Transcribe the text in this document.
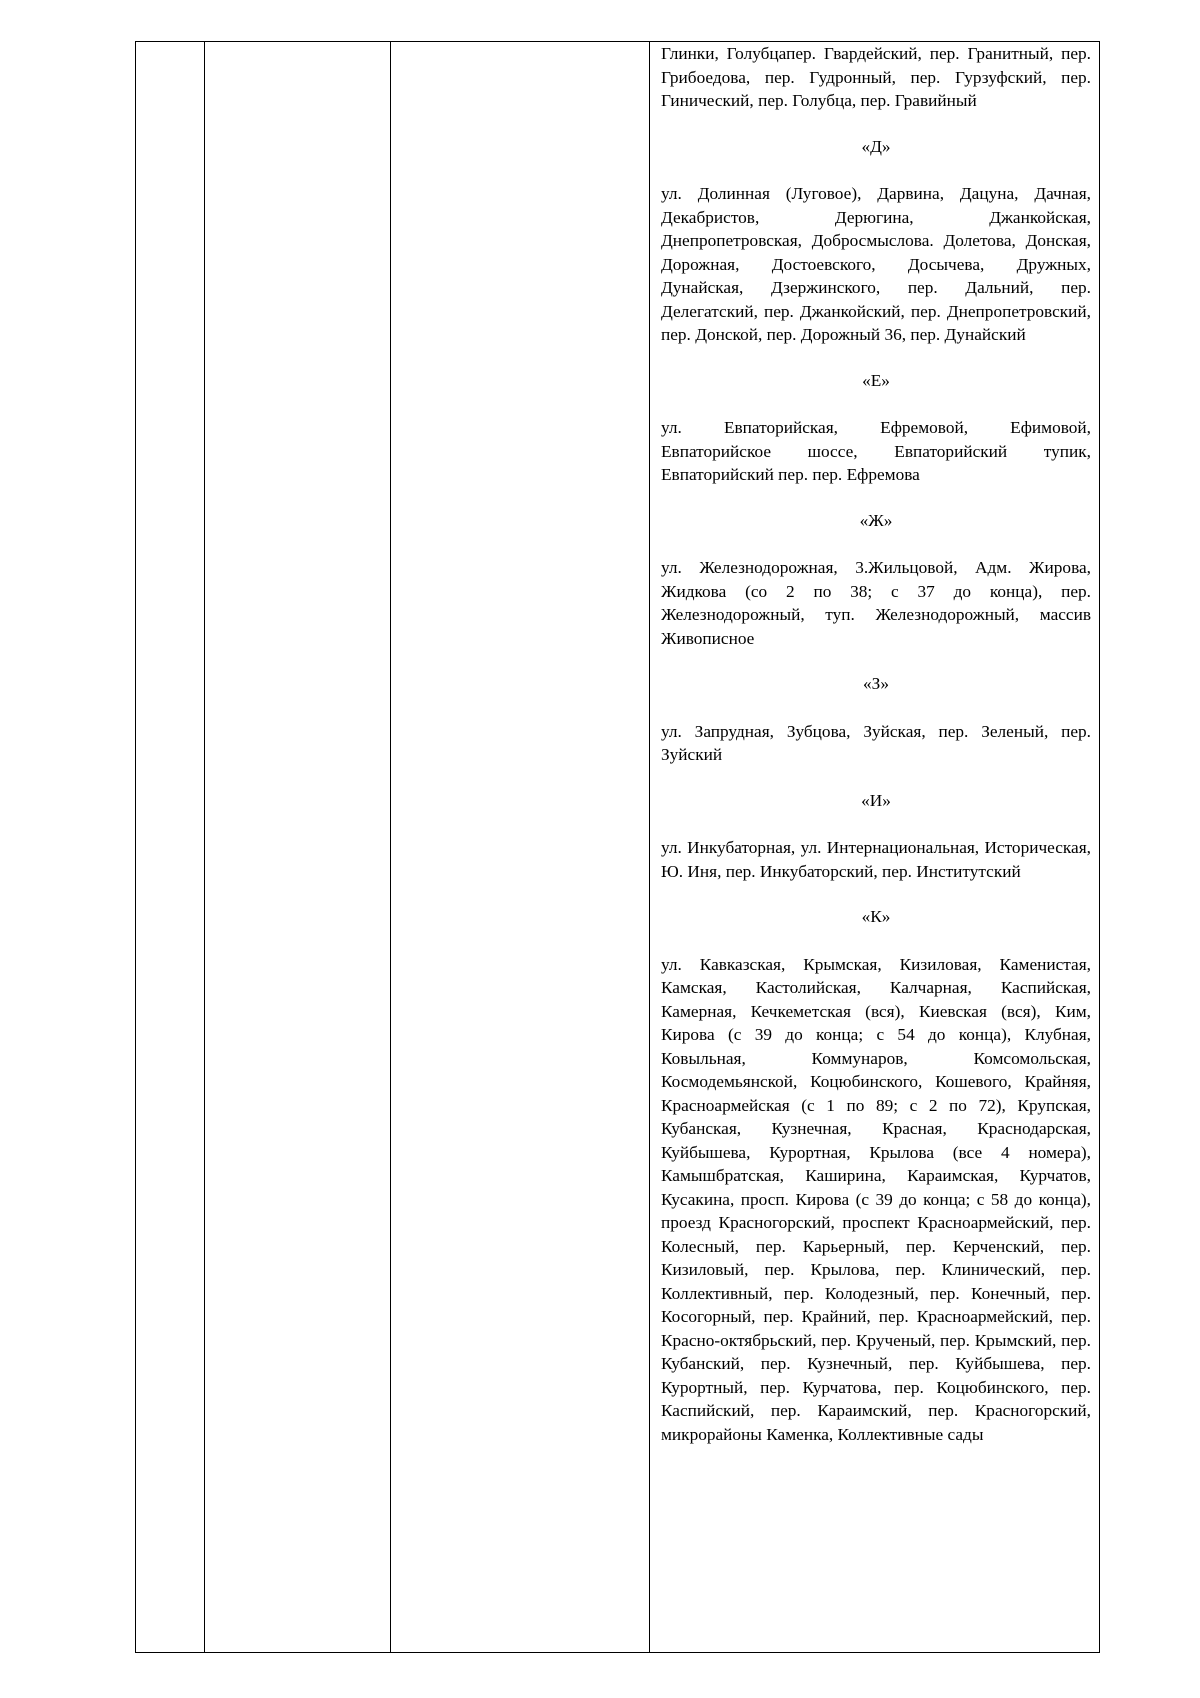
Глинки, Голубцапер. Гвардейский, пер. Гранитный, пер. Грибоедова, пер. Гудронный, пер. Гурзуфский, пер. Гинический, пер. Голубца, пер. Гравийный

«Д»

ул. Долинная (Луговое), Дарвина, Дацуна, Дачная, Декабристов, Дерюгина, Джанкойская, Днепропетровская, Добросмыслова. Долетова, Донская, Дорожная, Достоевского, Досычева, Дружных, Дунайская, Дзержинского, пер. Дальний, пер. Делегатский, пер. Джанкойский, пер. Днепропетровский, пер. Донской, пер. Дорожный 36, пер. Дунайский

«Е»

ул. Евпаторийская, Ефремовой, Ефимовой, Евпаторийское шоссе, Евпаторийский тупик, Евпаторийский пер. пер. Ефремова

«Ж»

ул. Железнодорожная, 3.Жильцовой, Адм. Жирова, Жидкова (со 2 по 38; с 37 до конца), пер. Железнодорожный, туп. Железнодорожный, массив Живописное

«З»

ул. Запрудная, Зубцова, Зуйская, пер. Зеленый, пер. Зуйский

«И»

ул. Инкубаторная, ул. Интернациональная, Историческая, Ю. Иня, пер. Инкубаторский, пер. Институтский

«К»

ул. Кавказская, Крымская, Кизиловая, Каменистая, Камская, Кастолийская, Калчарная, Каспийская, Камерная, Кечкеметская (вся), Киевская (вся), Ким, Кирова (с 39 до конца; с 54 до конца), Клубная, Ковыльная, Коммунаров, Комсомольская, Космодемьянской, Коцюбинского, Кошевого, Крайняя, Красноармейская (с 1 по 89; с 2 по 72), Крупская, Кубанская, Кузнечная, Красная, Краснодарская, Куйбышева, Курортная, Крылова (все 4 номера), Камышбратская, Каширина, Караимская, Курчатов, Кусакина, просп. Кирова (с 39 до конца; с 58 до конца), проезд Красногорский, проспект Красноармейский, пер. Колесный, пер. Карьерный, пер. Керченский, пер. Кизиловый, пер. Крылова, пер. Клинический, пер. Коллективный, пер. Колодезный, пер. Конечный, пер. Косогорный, пер. Крайний, пер. Красноармейский, пер. Красно-октябрьский, пер. Крученый, пер. Крымский, пер. Кубанский, пер. Кузнечный, пер. Куйбышева, пер. Курортный, пер. Курчатова, пер. Коцюбинского, пер. Каспийский, пер. Караимский, пер. Красногорский, микрорайоны Каменка, Коллективные сады
